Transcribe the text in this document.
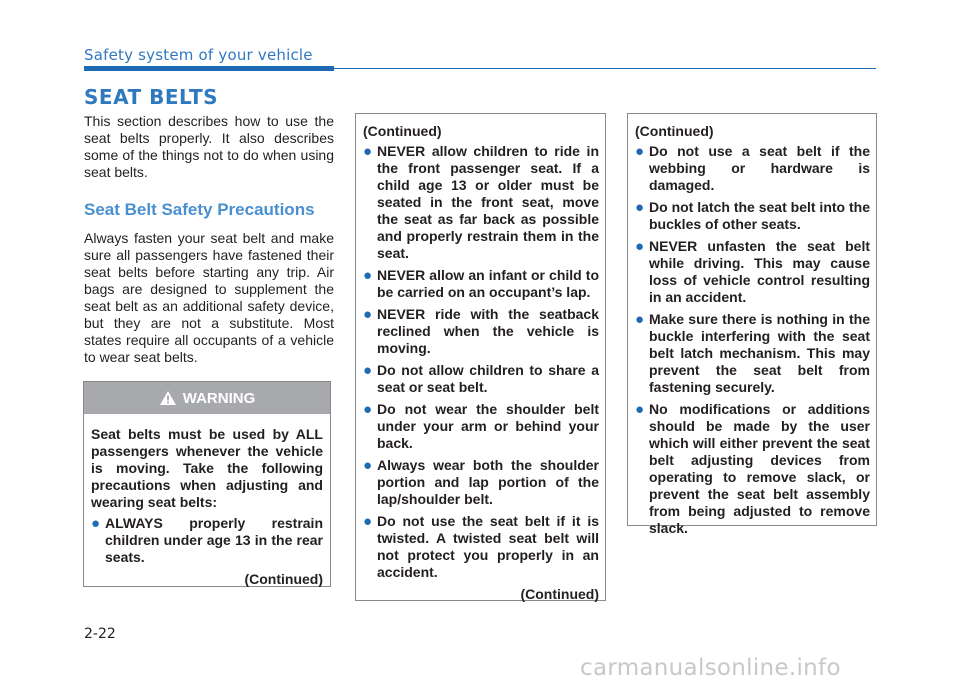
Safety system of your vehicle
SEAT BELTS

This section describes how to use the seat belts properly. It also describes some of the things not to do when using seat belts.

Seat Belt Safety Precautions

Always fasten your seat belt and make sure all passengers have fastened their seat belts before starting any trip. Air bags are designed to supplement the seat belt as an additional safety device, but they are not a substitute. Most states require all occupants of a vehicle to wear seat belts.

WARNING

Seat belts must be used by ALL passengers whenever the vehicle is moving. Take the following precautions when adjusting and wearing seat belts:

● ALWAYS properly restrain children under age 13 in the rear seats.

(Continued)

(Continued)

● NEVER allow children to ride in the front passenger seat. If a child age 13 or older must be seated in the front seat, move the seat as far back as possible and properly restrain them in the seat.
● NEVER allow an infant or child to be carried on an occupant’s lap.
● NEVER ride with the seatback reclined when the vehicle is moving.
● Do not allow children to share a seat or seat belt.
● Do not wear the shoulder belt under your arm or behind your back.
● Always wear both the shoulder portion and lap portion of the lap/shoulder belt.
● Do not use the seat belt if it is twisted. A twisted seat belt will not protect you properly in an accident.

(Continued)

(Continued)

● Do not use a seat belt if the webbing or hardware is damaged.
● Do not latch the seat belt into the buckles of other seats.
● NEVER unfasten the seat belt while driving. This may cause loss of vehicle control resulting in an accident.
● Make sure there is nothing in the buckle interfering with the seat belt latch mechanism. This may prevent the seat belt from fastening securely.
● No modifications or additions should be made by the user which will either prevent the seat belt adjusting devices from operating to remove slack, or prevent the seat belt assembly from being adjusted to remove slack.
2-22
carmanualsonline.info
